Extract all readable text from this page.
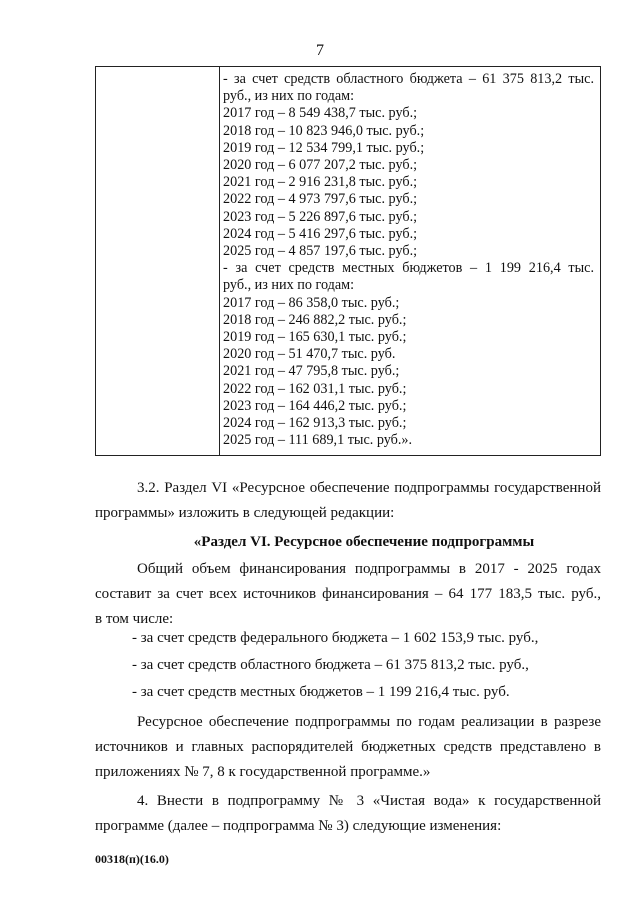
7
- за счет средств областного бюджета – 61 375 813,2 тыс.
руб., из них по годам:
2017 год – 8 549 438,7 тыс. руб.;
2018 год – 10 823 946,0 тыс. руб.;
2019 год – 12 534 799,1 тыс. руб.;
2020 год – 6 077 207,2 тыс. руб.;
2021 год – 2 916 231,8 тыс. руб.;
2022 год – 4 973 797,6 тыс. руб.;
2023 год – 5 226 897,6 тыс. руб.;
2024 год – 5 416 297,6 тыс. руб.;
2025 год – 4 857 197,6 тыс. руб.;
- за счет средств местных бюджетов – 1 199 216,4 тыс.
руб., из них по годам:
2017 год – 86 358,0 тыс. руб.;
2018 год – 246 882,2 тыс. руб.;
2019 год – 165 630,1 тыс. руб.;
2020 год – 51 470,7 тыс. руб.
2021 год – 47 795,8 тыс. руб.;
2022 год – 162 031,1 тыс. руб.;
2023 год – 164 446,2 тыс. руб.;
2024 год – 162 913,3 тыс. руб.;
2025 год – 111 689,1 тыс. руб.».
3.2. Раздел VI «Ресурсное обеспечение подпрограммы государственной
программы» изложить в следующей редакции:
«Раздел VI. Ресурсное обеспечение подпрограммы
Общий объем финансирования подпрограммы в 2017 - 2025 годах
составит за счет всех источников финансирования – 64 177 183,5 тыс. руб.,
в том числе:
- за счет средств федерального бюджета – 1 602 153,9 тыс. руб.,
- за счет средств областного бюджета – 61 375 813,2 тыс. руб.,
- за счет средств местных бюджетов – 1 199 216,4 тыс. руб.
Ресурсное обеспечение подпрограммы по годам реализации в разрезе
источников и главных распорядителей бюджетных средств представлено в
приложениях № 7, 8 к государственной программе.»
4. Внести в подпрограмму № 3 «Чистая вода» к государственной
программе (далее – подпрограмма № 3) следующие изменения:
00318(п)(16.0)
